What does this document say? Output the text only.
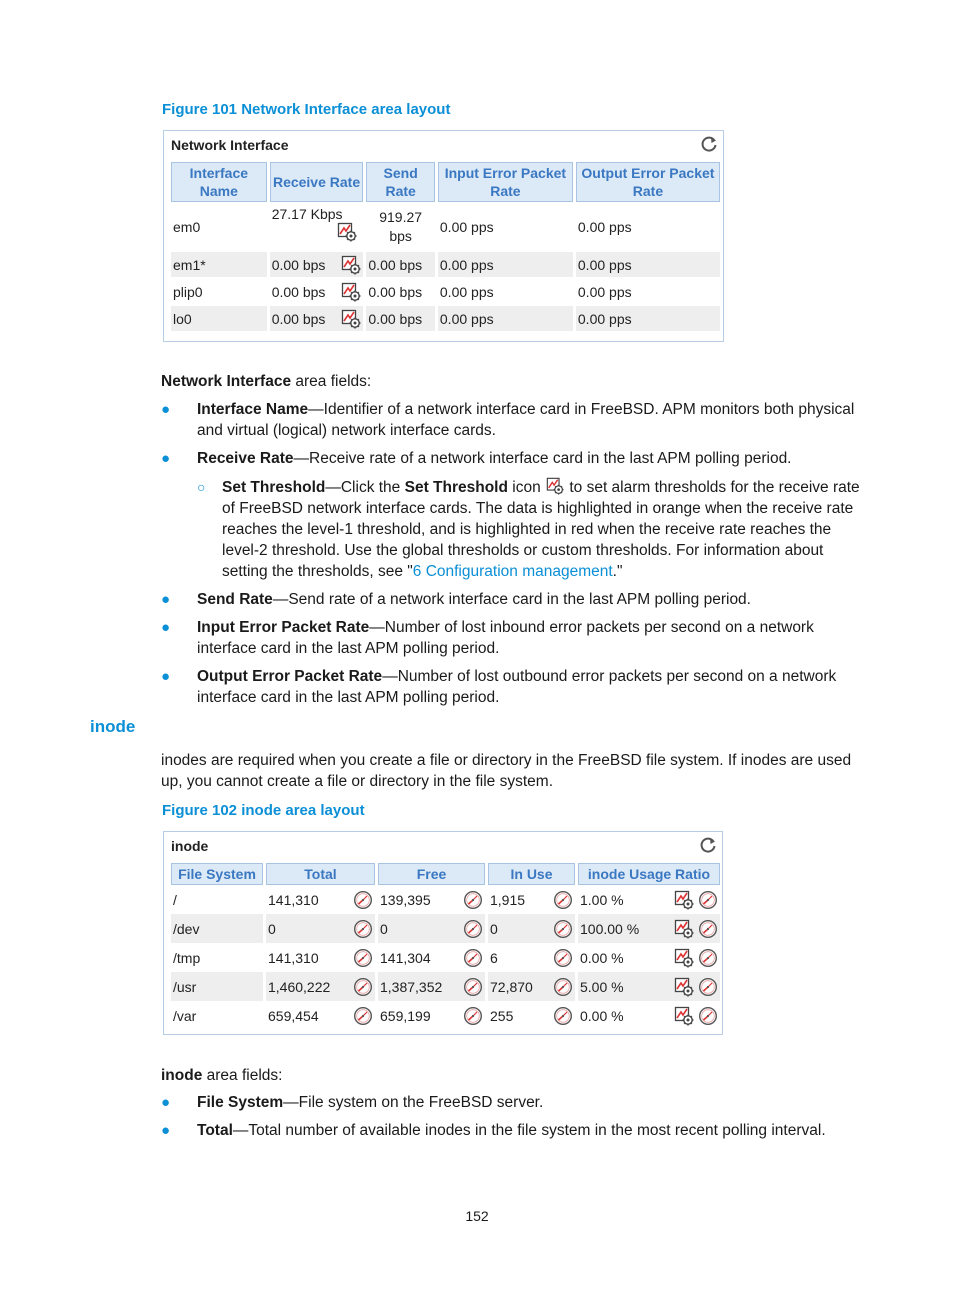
Figure 101 Network Interface area layout
Network Interface
Interface Name	Receive Rate	Send Rate	Input Error Packet Rate	Output Error Packet Rate
em0	27.17 Kbps	919.27 bps	0.00 pps	0.00 pps
em1*	0.00 bps	0.00 bps	0.00 pps	0.00 pps
plip0	0.00 bps	0.00 bps	0.00 pps	0.00 pps
lo0	0.00 bps	0.00 bps	0.00 pps	0.00 pps
Network Interface area fields:
● Interface Name—Identifier of a network interface card in FreeBSD. APM monitors both physical and virtual (logical) network interface cards.
● Receive Rate—Receive rate of a network interface card in the last APM polling period.
○ Set Threshold—Click the Set Threshold icon  to set alarm thresholds for the receive rate of FreeBSD network interface cards. The data is highlighted in orange when the receive rate reaches the level-1 threshold, and is highlighted in red when the receive rate reaches the level-2 threshold. Use the global thresholds or custom thresholds. For information about setting the thresholds, see "6 Configuration management."
● Send Rate—Send rate of a network interface card in the last APM polling period.
● Input Error Packet Rate—Number of lost inbound error packets per second on a network interface card in the last APM polling period.
● Output Error Packet Rate—Number of lost outbound error packets per second on a network interface card in the last APM polling period.
inode
inodes are required when you create a file or directory in the FreeBSD file system. If inodes are used up, you cannot create a file or directory in the file system.
Figure 102 inode area layout
inode
File System	Total	Free	In Use	inode Usage Ratio
/	141,310	139,395	1,915	1.00 %

/dev	0	0	0	100.00 %

/tmp	141,310	141,304	6	0.00 %

/usr	1,460,222	1,387,352	72,870	5.00 %

/var	659,454	659,199	255	0.00 %

inode area fields:
● File System—File system on the FreeBSD server.
● Total—Total number of available inodes in the file system in the most recent polling interval.
152
